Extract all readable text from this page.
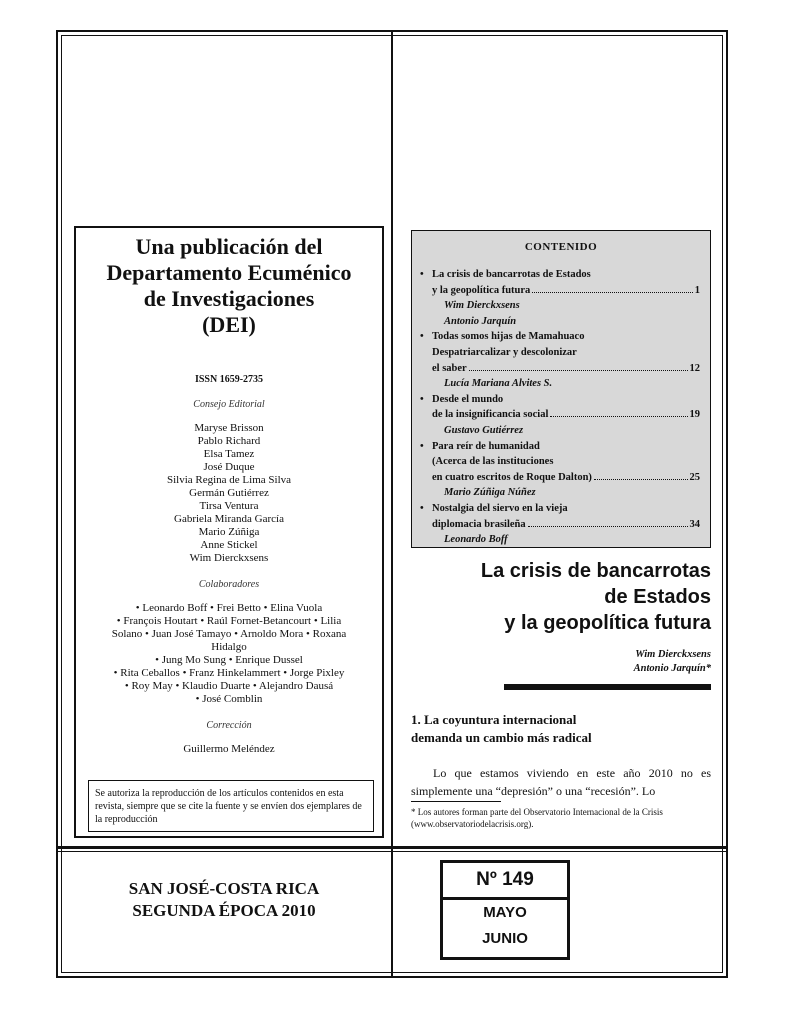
Una publicación del
Departamento Ecuménico
de Investigaciones
(DEI)
ISSN 1659-2735
Consejo Editorial
Maryse Brisson
Pablo Richard
Elsa Tamez
José Duque
Silvia Regina de Lima Silva
Germán Gutiérrez
Tirsa Ventura
Gabriela Miranda García
Mario Zúñiga
Anne Stickel
Wim Dierckxsens
Colaboradores
• Leonardo Boff • Frei Betto • Elina Vuola
• François Houtart • Raúl Fornet-Betancourt • Lilia
Solano • Juan José Tamayo • Arnoldo Mora • Roxana
Hidalgo
• Jung Mo Sung • Enrique Dussel
• Rita Ceballos • Franz Hinkelammert • Jorge Pixley
• Roy May • Klaudio Duarte • Alejandro Dausá
• José Comblin
Corrección
Guillermo Meléndez
Se autoriza la reproducción de los artículos contenidos en esta revista, siempre que se cite la fuente y se envíen dos ejemplares de la reproducción
SAN JOSÉ-COSTA RICA
SEGUNDA ÉPOCA 2010
CONTENIDO
• La crisis de bancarrotas de Estados
y la geopolítica futura	1
Wim Dierckxsens
Antonio Jarquín
• Todas somos hijas de Mamahuaco
Despatriarcalizar y descolonizar
el saber	12
Lucía Mariana Alvites S.
• Desde el mundo
de la insignificancia social	19
Gustavo Gutiérrez
• Para reír de humanidad
(Acerca de las instituciones
en cuatro escritos de Roque Dalton)	25
Mario Zúñiga Núñez
• Nostalgia del siervo en la vieja
diplomacia brasileña	34
Leonardo Boff
La crisis de bancarrotas
de Estados
y la geopolítica futura
Wim Dierckxsens
Antonio Jarquín*
1. La coyuntura internacional
demanda un cambio más radical
Lo que estamos viviendo en este año 2010 no es simplemente una “depresión” o una “recesión”. Lo
* Los autores forman parte del Observatorio Internacional de la Crisis (www.observatoriodelacrisis.org).
Nº 149
MAYO
JUNIO
